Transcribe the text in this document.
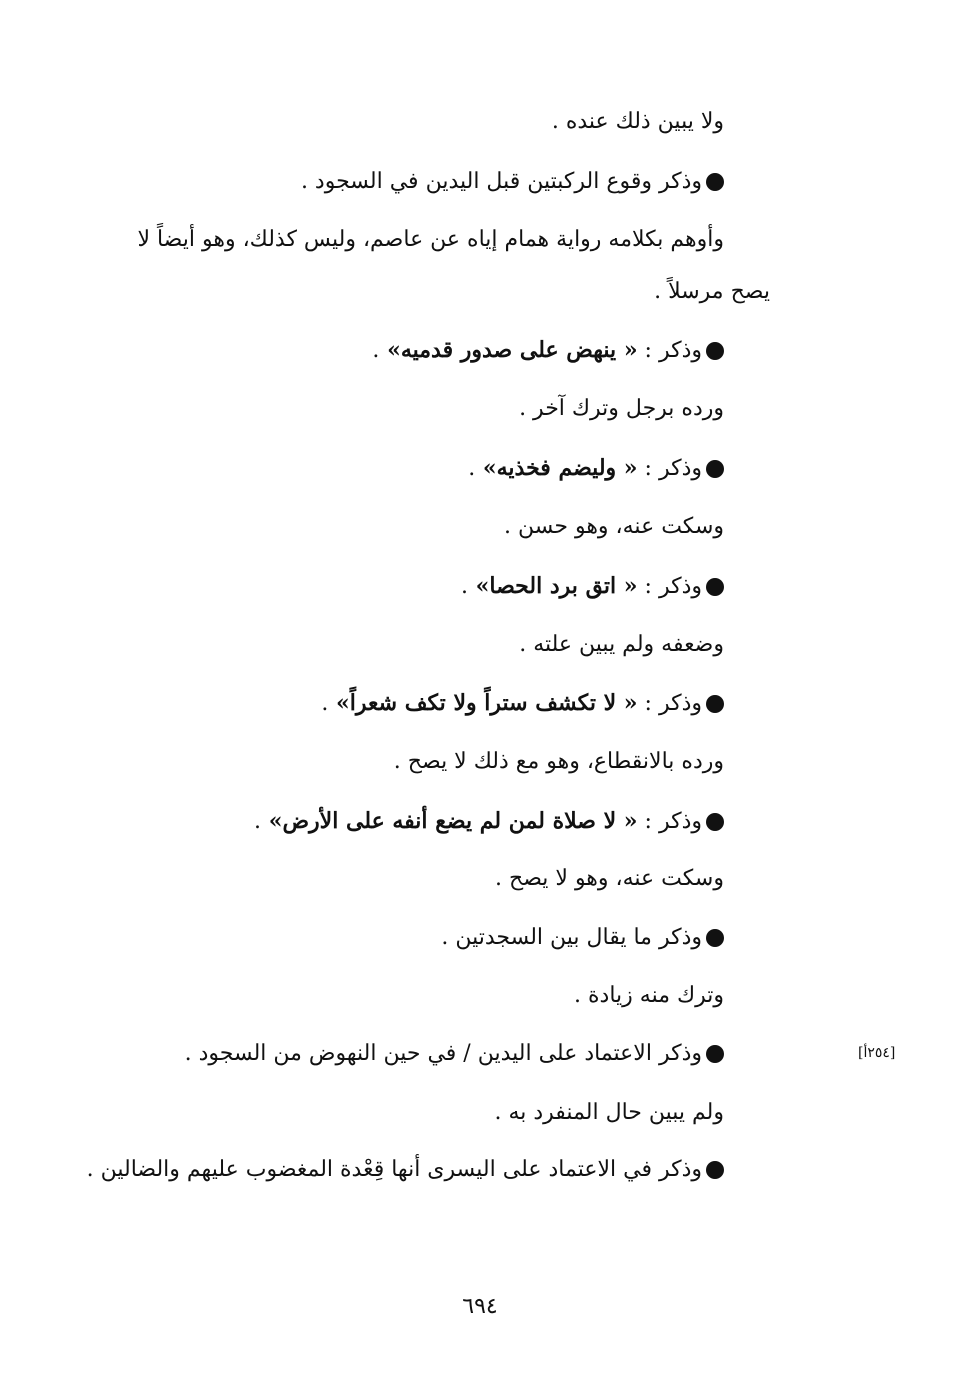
ولا يبين ذلك عنده .
وذكر وقوع الركبتين قبل اليدين في السجود .
وأوهم بكلامه رواية همام إياه عن عاصم، وليس كذلك، وهو أيضاً لا
يصح مرسلاً .
وذكر : « ينهض على صدور قدميه» .
ورده برجل وترك آخر .
وذكر : « وليضم فخذيه» .
وسكت عنه، وهو حسن .
وذكر : « اتق برد الحصا» .
وضعفه ولم يبين علته .
وذكر : « لا تكشف ستراً ولا تكف شعراً» .
ورده بالانقطاع، وهو مع ذلك لا يصح .
وذكر : « لا صلاة لمن لم يضع أنفه على الأرض» .
وسكت عنه، وهو لا يصح .
وذكر ما يقال بين السجدتين .
وترك منه زيادة .
وذكر الاعتماد على اليدين / في حين النهوض من السجود .	[٢٥٤أ]
ولم يبين حال المنفرد به .
وذكر في الاعتماد على اليسرى أنها قِعْدة المغضوب عليهم والضالين .
٦٩٤
